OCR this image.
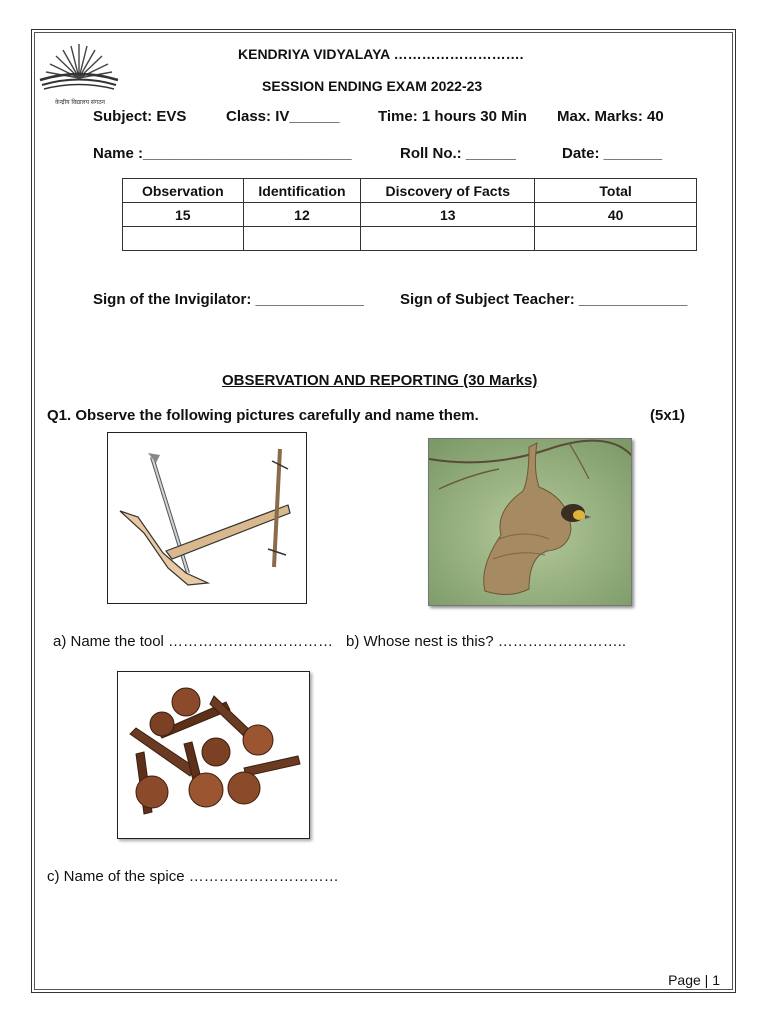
केन्द्रीय विद्यालय संगठन
KENDRIYA VIDYALAYA ……………………….
SESSION ENDING EXAM 2022-23
Subject: EVS	Class: IV______	Time: 1 hours 30 Min Max. Marks: 40
Name :_________________________	Roll No.: ______	Date: _______
Observation	Identification	Discovery of Facts	Total
15	12	13	40

Sign of the Invigilator: _____________ Sign of Subject Teacher: _____________
OBSERVATION AND REPORTING (30 Marks)
Q1. Observe the following pictures carefully and name them.	(5x1)
a) Name the tool …………………………… b) Whose nest is this? ……………………..
c) Name of the spice …………………………
Page | 1
